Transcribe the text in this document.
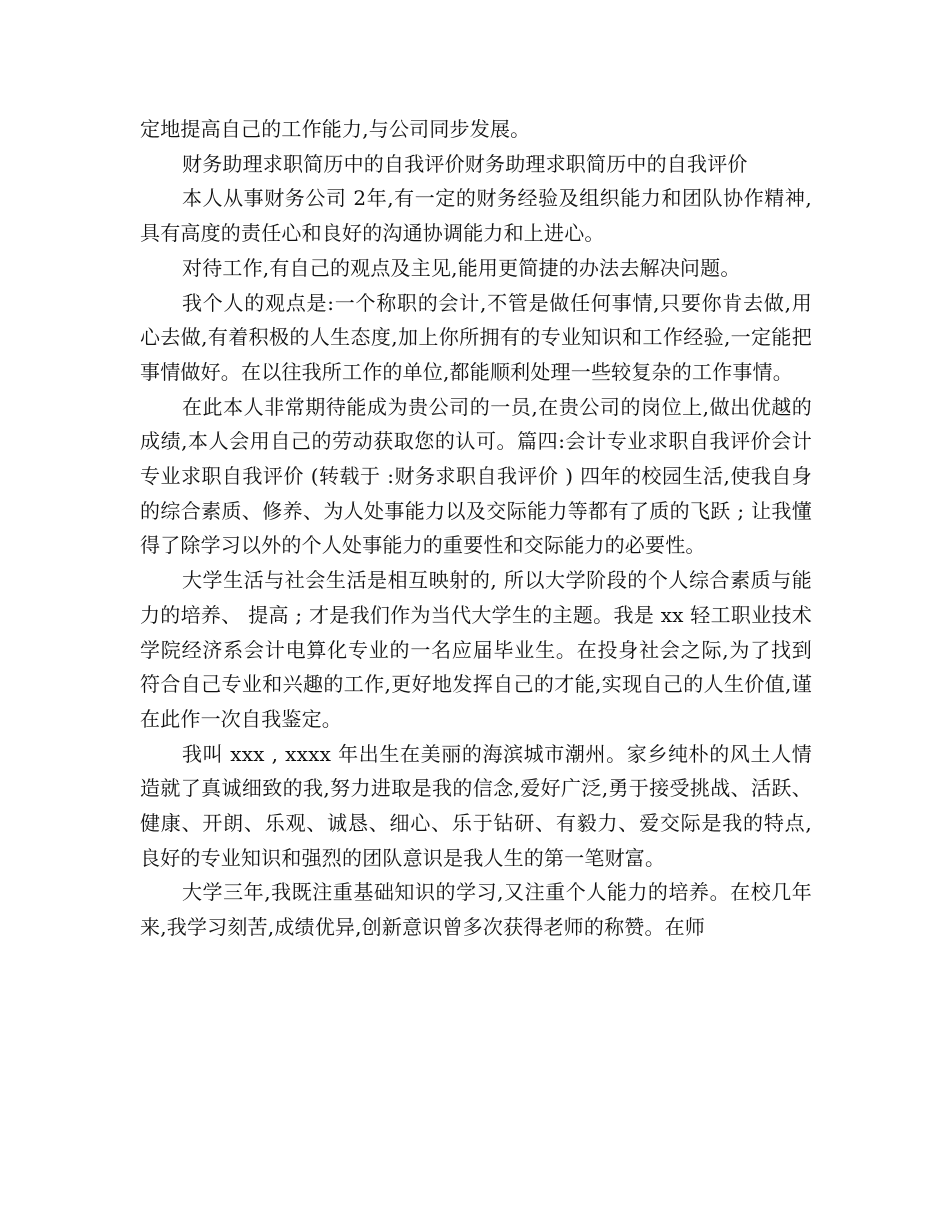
定地提高自己的工作能力,与公司同步发展。

财务助理求职简历中的自我评价财务助理求职简历中的自我评价

本人从事财务公司 2年,有一定的财务经验及组织能力和团队协作精神,具有高度的责任心和良好的沟通协调能力和上进心。

对待工作,有自己的观点及主见,能用更简捷的办法去解决问题。

我个人的观点是:一个称职的会计,不管是做任何事情,只要你肯去做,用心去做,有着积极的人生态度,加上你所拥有的专业知识和工作经验,一定能把事情做好。在以往我所工作的单位,都能顺利处理一些较复杂的工作事情。

在此本人非常期待能成为贵公司的一员,在贵公司的岗位上,做出优越的成绩,本人会用自己的劳动获取您的认可。篇四:会计专业求职自我评价会计专业求职自我评价 (转载于 :财务求职自我评价 ) 四年的校园生活,使我自身的综合素质、修养、为人处事能力以及交际能力等都有了质的飞跃 ; 让我懂得了除学习以外的个人处事能力的重要性和交际能力的必要性。

大学生活与社会生活是相互映射的, 所以大学阶段的个人综合素质与能力的培养、 提高 ; 才是我们作为当代大学生的主题。我是 xx 轻工职业技术学院经济系会计电算化专业的一名应届毕业生。在投身社会之际,为了找到符合自己专业和兴趣的工作,更好地发挥自己的才能,实现自己的人生价值,谨在此作一次自我鉴定。

我叫 xxx , xxxx 年出生在美丽的海滨城市潮州。家乡纯朴的风土人情造就了真诚细致的我,努力进取是我的信念,爱好广泛,勇于接受挑战、活跃、健康、开朗、乐观、诚恳、细心、乐于钻研、有毅力、爱交际是我的特点,良好的专业知识和强烈的团队意识是我人生的第一笔财富。

大学三年,我既注重基础知识的学习,又注重个人能力的培养。在校几年来,我学习刻苦,成绩优异,创新意识曾多次获得老师的称赞。在师
